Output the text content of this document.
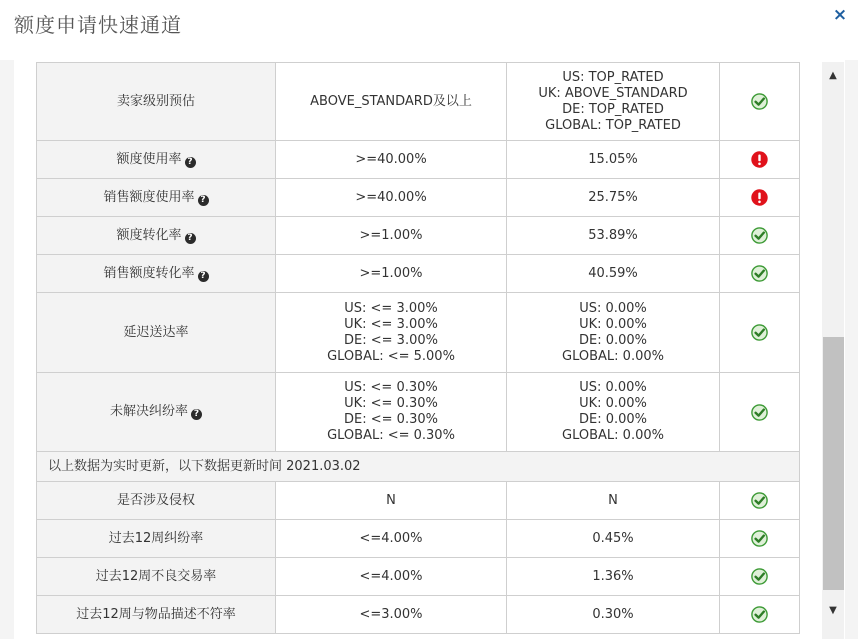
额度申请快速通道	×
卖家级别预估	ABOVE_STANDARD及以上	US: TOP_RATED
UK: ABOVE_STANDARD
DE: TOP_RATED
GLOBAL: TOP_RATED	
额度使用率 ?	>=40.00%	15.05%	
销售额度使用率 ?	>=40.00%	25.75%	
额度转化率 ?	>=1.00%	53.89%	
销售额度转化率 ?	>=1.00%	40.59%	
延迟送达率	US: <= 3.00%
UK: <= 3.00%
DE: <= 3.00%
GLOBAL: <= 5.00%	US: 0.00%
UK: 0.00%
DE: 0.00%
GLOBAL: 0.00%	
未解决纠纷率 ?	US: <= 0.30%
UK: <= 0.30%
DE: <= 0.30%
GLOBAL: <= 0.30%	US: 0.00%
UK: 0.00%
DE: 0.00%
GLOBAL: 0.00%	
以上数据为实时更新，以下数据更新时间 2021.03.02			
是否涉及侵权	N	N	
过去12周纠纷率	<=4.00%	0.45%	
过去12周不良交易率	<=4.00%	1.36%	
过去12周与物品描述不符率	<=3.00%	0.30%	
▲
▼
